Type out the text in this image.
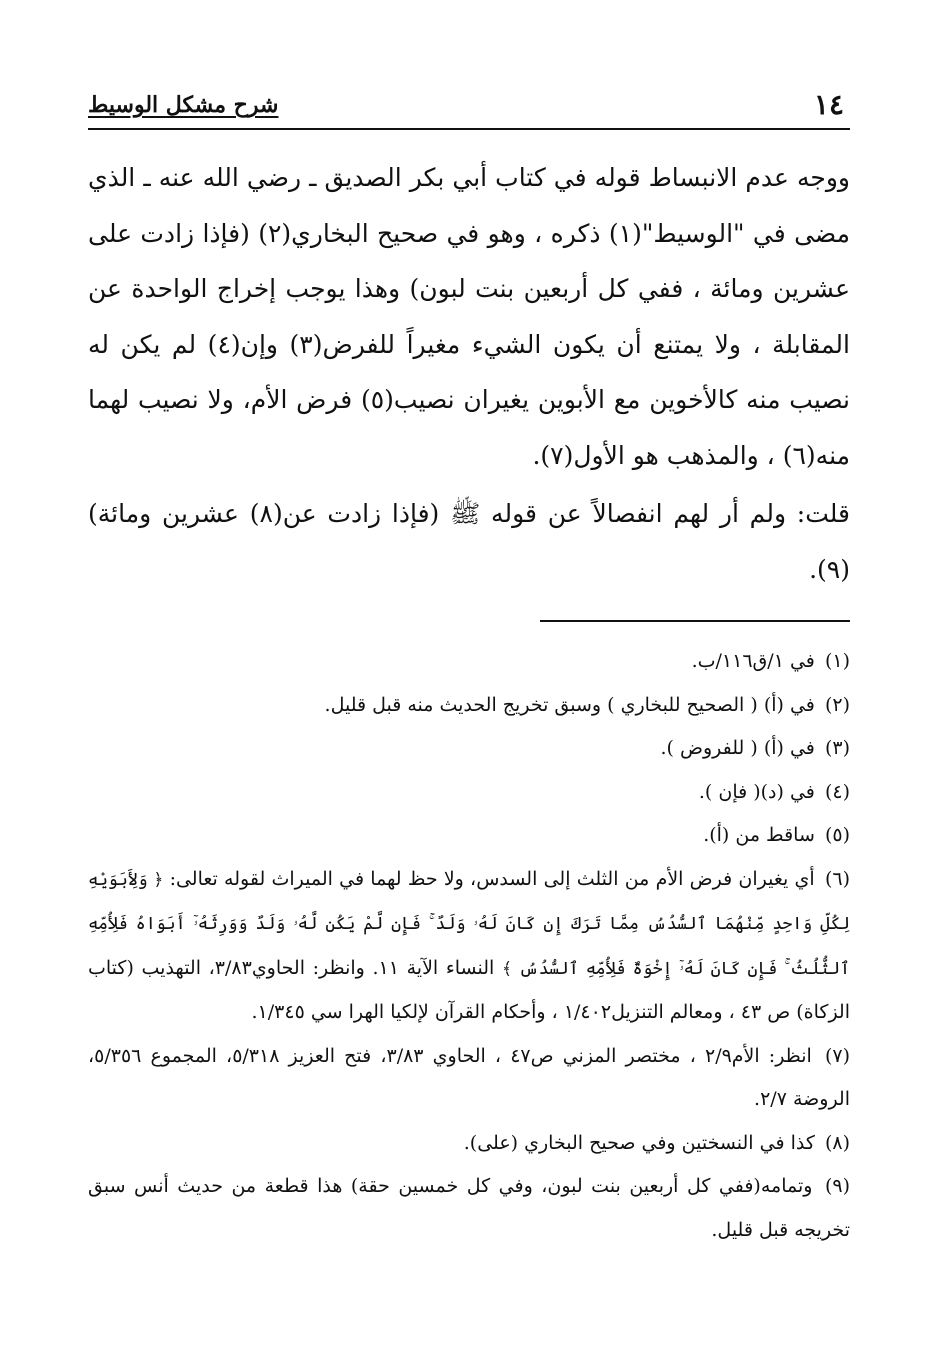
١٤
شرح مشكل الوسيط

ووجه عدم الانبساط قوله في كتاب أبي بكر الصديق ـ رضي الله عنه ـ الذي مضى في "الوسيط"(١) ذكره ، وهو في صحيح البخاري(٢) (فإذا زادت على عشرين ومائة ، ففي كل أربعين بنت لبون) وهذا يوجب إخراج الواحدة عن المقابلة ، ولا يمتنع أن يكون الشيء مغيراً للفرض(٣) وإن(٤) لم يكن له نصيب منه كالأخوين مع الأبوين يغيران نصيب(٥) فرض الأم، ولا نصيب لهما منه(٦) ، والمذهب هو الأول(٧).

قلت: ولم أر لهم انفصالاً عن قوله ﷺ (فإذا زادت عن(٨) عشرين ومائة)(٩).

(١) في ١/ق١١٦/ب.

(٢) في (أ) ( الصحيح للبخاري ) وسبق تخريج الحديث منه قبل قليل.

(٣) في (أ) ( للفروض ).

(٤) في (د)( فإن ).

(٥) ساقط من (أ).

(٦) أي يغيران فرض الأم من الثلث إلى السدس، ولا حظ لهما في الميراث لقوله تعالى: ﴿ وَلِأَبَوَيْهِ لِكُلِّ وَاحِدٍ مِّنْهُمَا ٱلسُّدُسُ مِمَّا تَرَكَ إِن كَانَ لَهُۥ وَلَدٌ ۚ فَإِن لَّمْ يَكُن لَّهُۥ وَلَدٌ وَوَرِثَهُۥٓ أَبَوَاهُ فَلِأُمِّهِ ٱلثُّلُثُ ۚ فَإِن كَانَ لَهُۥٓ إِخْوَةٌ فَلِأُمِّهِ ٱلسُّدُسُ ﴾ النساء الآية ١١. وانظر: الحاوي٣/٨٣، التهذيب (كتاب الزكاة) ص ٤٣ ، ومعالم التنزيل١/٤٠٢ ، وأحكام القرآن لإلكيا الهرا سي ١/٣٤٥.

(٧) انظر: الأم٢/٩ ، مختصر المزني ص٤٧ ، الحاوي ٣/٨٣، فتح العزيز ٥/٣١٨، المجموع ٥/٣٥٦، الروضة ٢/٧.

(٨) كذا في النسختين وفي صحيح البخاري (على).

(٩) وتمامه(ففي كل أربعين بنت لبون، وفي كل خمسين حقة) هذا قطعة من حديث أنس سبق تخريجه قبل قليل.
